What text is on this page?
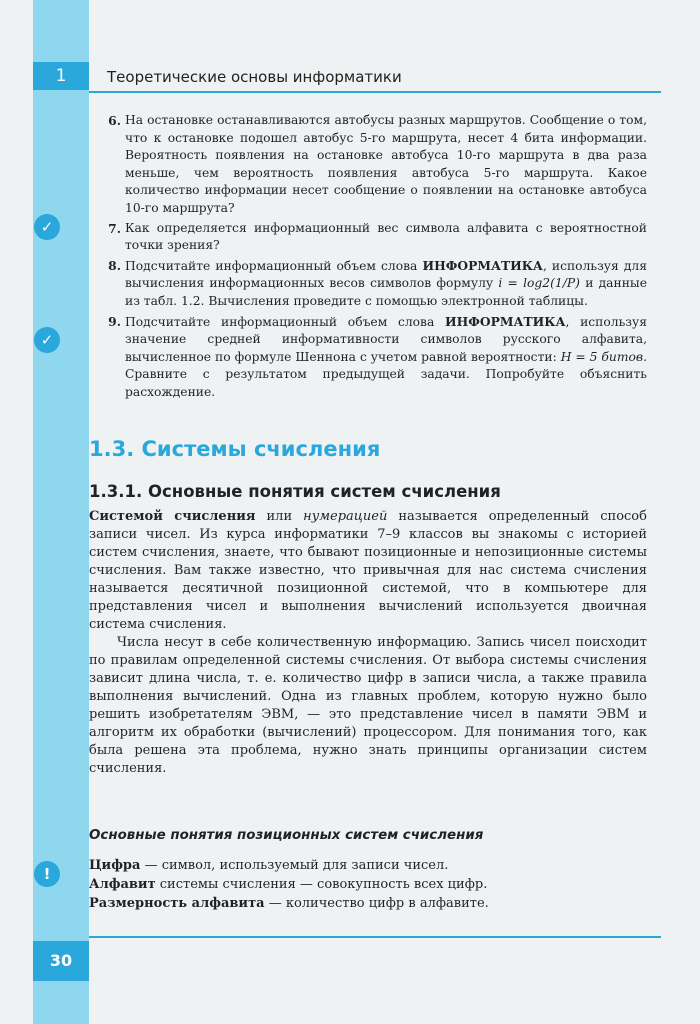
1	Теоретические основы информатики
✓
✓
!
6. На остановке останавливаются автобусы разных маршрутов. Сообщение о том, что к остановке подошел автобус 5-го маршрута, несет 4 бита информации. Вероятность появления на остановке автобуса 10-го маршрута в два раза меньше, чем вероятность появления автобуса 5-го маршрута. Какое количество информации несет сообщение о появлении на остановке автобуса 10-го маршрута?
7. Как определяется информационный вес символа алфавита с вероятностной точки зрения?
8. Подсчитайте информационный объем слова ИНФОРМАТИКА, используя для вычисления информационных весов символов формулу i = log2(1/P) и данные из табл. 1.2. Вычисления проведите с помощью электронной таблицы.
9. Подсчитайте информационный объем слова ИНФОРМАТИКА, используя значение средней информативности символов русского алфавита, вычисленное по формуле Шеннона с учетом равной вероятности: H = 5 битов. Сравните с результатом предыдущей задачи. Попробуйте объяснить расхождение.
1.3. Системы счисления
1.3.1. Основные понятия систем счисления

Системой счисления или нумерацией называется определенный способ записи чисел. Из курса информатики 7–9 классов вы знакомы с историей систем счисления, знаете, что бывают позиционные и непозиционные системы счисления. Вам также известно, что привычная для нас система счисления называется десятичной позиционной системой, что в компьютере для представления чисел и выполнения вычислений используется двоичная система счисления.

Числа несут в себе количественную информацию. Запись чисел поисходит по правилам определенной системы счисления. От выбора системы счисления зависит длина числа, т. е. количество цифр в записи числа, а также правила выполнения вычислений. Одна из главных проблем, которую нужно было решить изобретателям ЭВМ, — это представление чисел в памяти ЭВМ и алгоритм их обработки (вычислений) процессором. Для понимания того, как была решена эта проблема, нужно знать принципы организации систем счисления.

Основные понятия позиционных систем счисления
Цифра — символ, используемый для записи чисел.
Алфавит системы счисления — совокупность всех цифр.
Размерность алфавита — количество цифр в алфавите.
30
